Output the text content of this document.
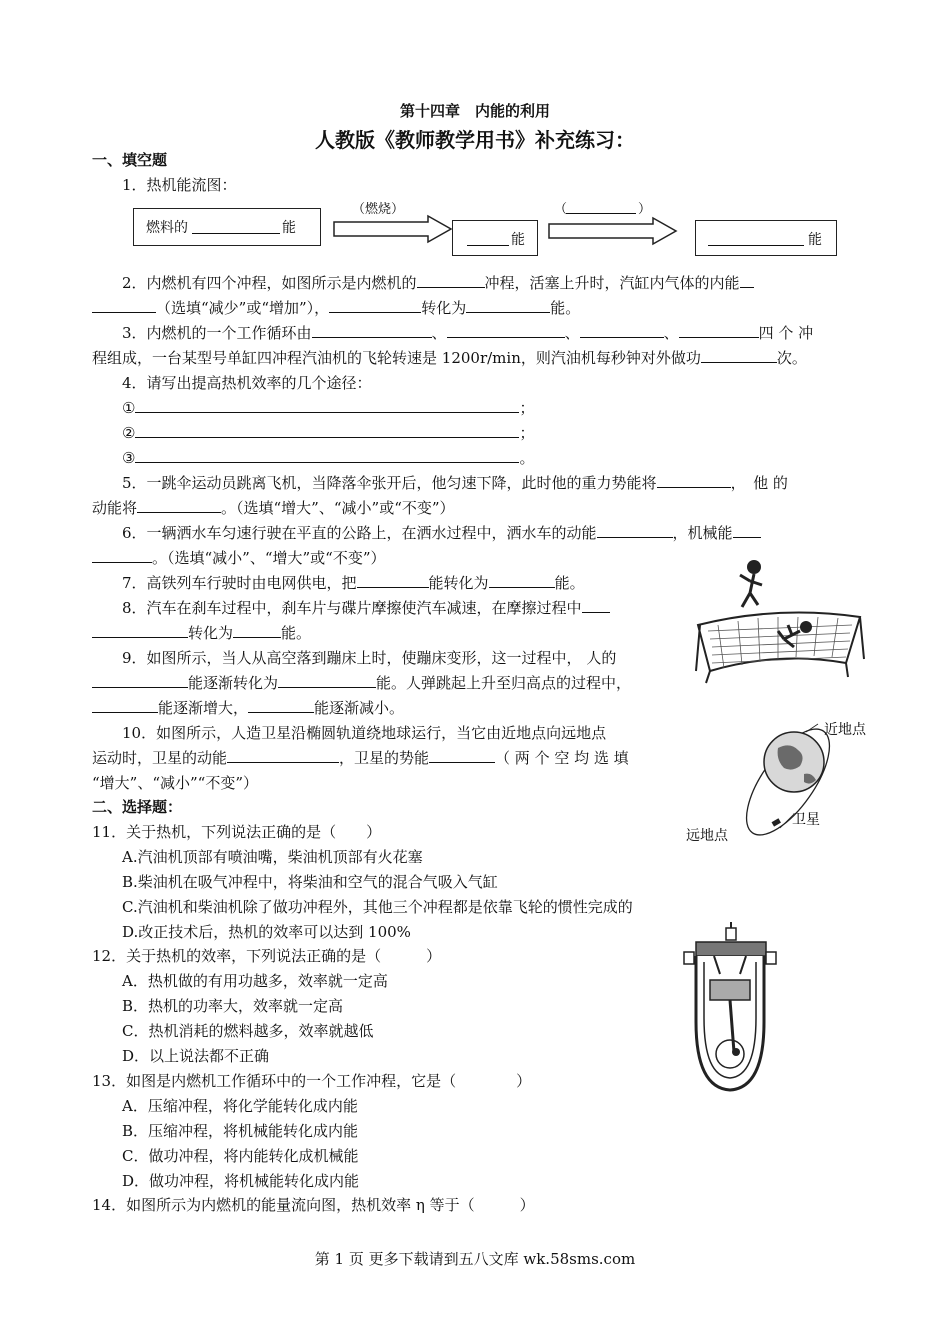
第十四章　内能的利用
人教版《教师教学用书》补充练习：
一、填空题
1．热机能流图：
燃料的	能
（燃烧）
能
（	）
能
2．内燃机有四个冲程，如图所示是内燃机的	冲程，活塞上升时，汽缸内气体的内能
（选填“减少”或“增加”），	转化为	能。
3．内燃机的一个工作循环由	、	、	、	四 个 冲
程组成，一台某型号单缸四冲程汽油机的飞轮转速是 1200r/min，则汽油机每秒钟对外做功	次。
4．请写出提高热机效率的几个途径：
①	；
②	；
③	。
5．一跳伞运动员跳离飞机，当降落伞张开后，他匀速下降，此时他的重力势能将	，　他 的
动能将	。（选填“增大”、“减小”或“不变”）
6．一辆洒水车匀速行驶在平直的公路上，在洒水过程中，洒水车的动能	，机械能
。（选填“减小”、“增大”或“不变”）
7．高铁列车行驶时由电网供电，把	能转化为	能。
8．汽车在刹车过程中，刹车片与碟片摩擦使汽车减速，在摩擦过程中
转化为	能。
9．如图所示，当人从高空落到蹦床上时，使蹦床变形，这一过程中， 人的
能逐渐转化为	能。人弹跳起上升至归高点的过程中，
能逐渐增大，	能逐渐减小。
10．如图所示，人造卫星沿椭圆轨道绕地球运行，当它由近地点向远地点
运动时，卫星的动能	，卫星的势能	（ 两 个 空 均 选 填
“增大”、“减小”“不变”）
近地点
卫星
远地点
二、选择题：
11．关于热机，下列说法正确的是（　　）
A.汽油机顶部有喷油嘴，柴油机顶部有火花塞
B.柴油机在吸气冲程中，将柴油和空气的混合气吸入气缸
C.汽油机和柴油机除了做功冲程外，其他三个冲程都是依靠飞轮的惯性完成的
D.改正技术后，热机的效率可以达到 100%
12．关于热机的效率，下列说法正确的是（　　　）
A．热机做的有用功越多，效率就一定高
B．热机的功率大，效率就一定高
C．热机消耗的燃料越多，效率就越低
D．以上说法都不正确
13．如图是内燃机工作循环中的一个工作冲程，它是（　　　　）
A．压缩冲程，将化学能转化成内能
B．压缩冲程，将机械能转化成内能
C．做功冲程，将内能转化成机械能
D．做功冲程，将机械能转化成内能
14．如图所示为内燃机的能量流向图，热机效率 η 等于（　　　）
第 1 页 更多下载请到五八文库 wk.58sms.com
